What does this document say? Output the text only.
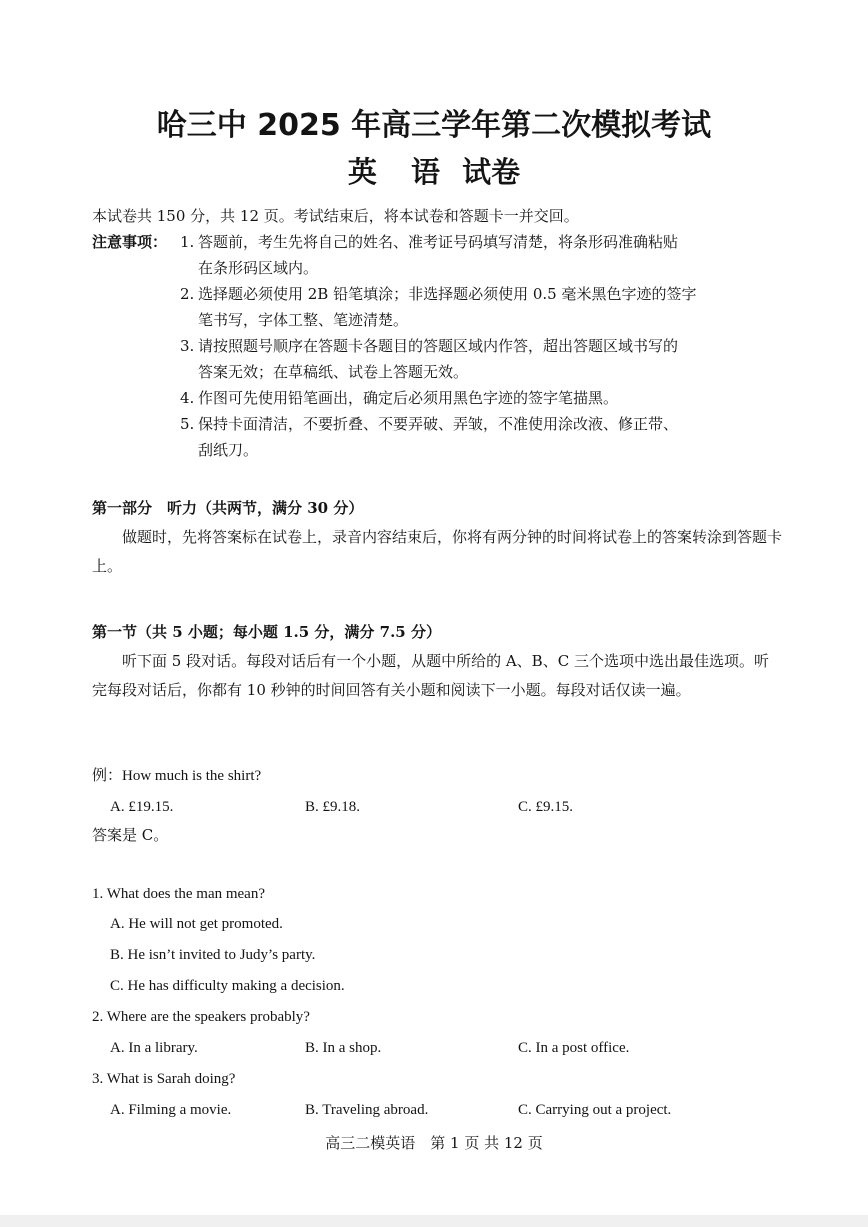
哈三中 2025 年高三学年第二次模拟考试
英 语 试卷
本试卷共 150 分，共 12 页。考试结束后，将本试卷和答题卡一并交回。
注意事项： 1. 答题前，考生先将自己的姓名、准考证号码填写清楚，将条形码准确粘贴
在条形码区域内。
2. 选择题必须使用 2B 铅笔填涂；非选择题必须使用 0.5 毫米黑色字迹的签字
笔书写，字体工整、笔迹清楚。
3. 请按照题号顺序在答题卡各题目的答题区域内作答，超出答题区域书写的
答案无效；在草稿纸、试卷上答题无效。
4. 作图可先使用铅笔画出，确定后必须用黑色字迹的签字笔描黑。
5. 保持卡面清洁，不要折叠、不要弄破、弄皱，不准使用涂改液、修正带、
刮纸刀。
第一部分　听力（共两节，满分 30 分）
做题时，先将答案标在试卷上，录音内容结束后，你将有两分钟的时间将试卷上的答案转涂到答题卡上。
第一节（共 5 小题；每小题 1.5 分，满分 7.5 分）
听下面 5 段对话。每段对话后有一个小题，从题中所给的 A、B、C 三个选项中选出最佳选项。听完每段对话后，你都有 10 秒钟的时间回答有关小题和阅读下一小题。每段对话仅读一遍。
例：How much is the shirt?
A. £19.15.	B. £9.18.	C. £9.15.
答案是 C。
1. What does the man mean?
A. He will not get promoted.
B. He isn’t invited to Judy’s party.
C. He has difficulty making a decision.
2. Where are the speakers probably?
A. In a library.	B. In a shop.	C. In a post office.
3. What is Sarah doing?
A. Filming a movie.	B. Traveling abroad.	C. Carrying out a project.
高三二模英语　第 1 页 共 12 页
